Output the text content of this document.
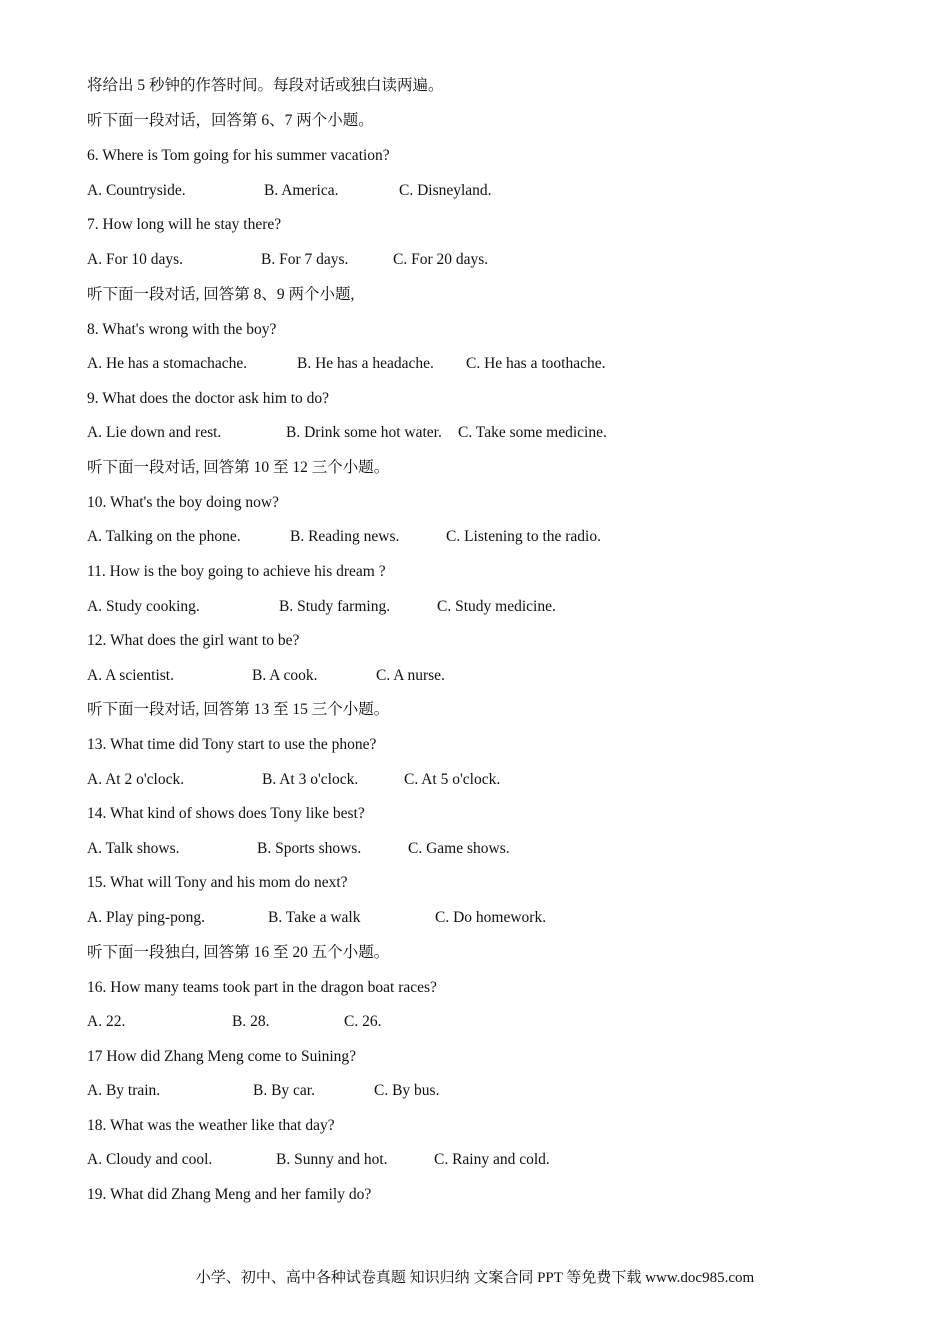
将给出 5 秒钟的作答时间。每段对话或独白读两遍。
听下面一段对话，回答第 6、7 两个小题。
6. Where is Tom going for his summer vacation?
A. Countryside.	B. America.	C. Disneyland.
7. How long will he stay there?
A. For 10 days.	B. For 7 days.	C. For 20 days.
听下面一段对话, 回答第 8、9 两个小题,
8. What's wrong with the boy?
A. He has a stomachache.	B. He has a headache. C. He has a toothache.
9. What does the doctor ask him to do?
A. Lie down and rest.	B. Drink some hot water. C. Take some medicine.
听下面一段对话, 回答第 10 至 12 三个小题。
10. What's the boy doing now?
A. Talking on the phone.	B. Reading news.	C. Listening to the radio.
11. How is the boy going to achieve his dream ?
A. Study cooking.	B. Study farming.	C. Study medicine.
12. What does the girl want to be?
A. A scientist.	B. A cook.	C. A nurse.
听下面一段对话, 回答第 13 至 15 三个小题。
13. What time did Tony start to use the phone?
A. At 2 o'clock.	B. At 3 o'clock.	C. At 5 o'clock.
14. What kind of shows does Tony like best?
A. Talk shows.	B. Sports shows.	C. Game shows.
15. What will Tony and his mom do next?
A. Play ping-pong.	B. Take a walk	C. Do homework.
听下面一段独白, 回答第 16 至 20 五个小题。
16. How many teams took part in the dragon boat races?
A. 22.	B. 28.	C. 26.
17 How did Zhang Meng come to Suining?
A. By train.	B. By car.	C. By bus.
18. What was the weather like that day?
A. Cloudy and cool.	B. Sunny and hot.	C. Rainy and cold.
19. What did Zhang Meng and her family do?
小学、初中、高中各种试卷真题 知识归纳 文案合同 PPT 等免费下载 www.doc985.com
